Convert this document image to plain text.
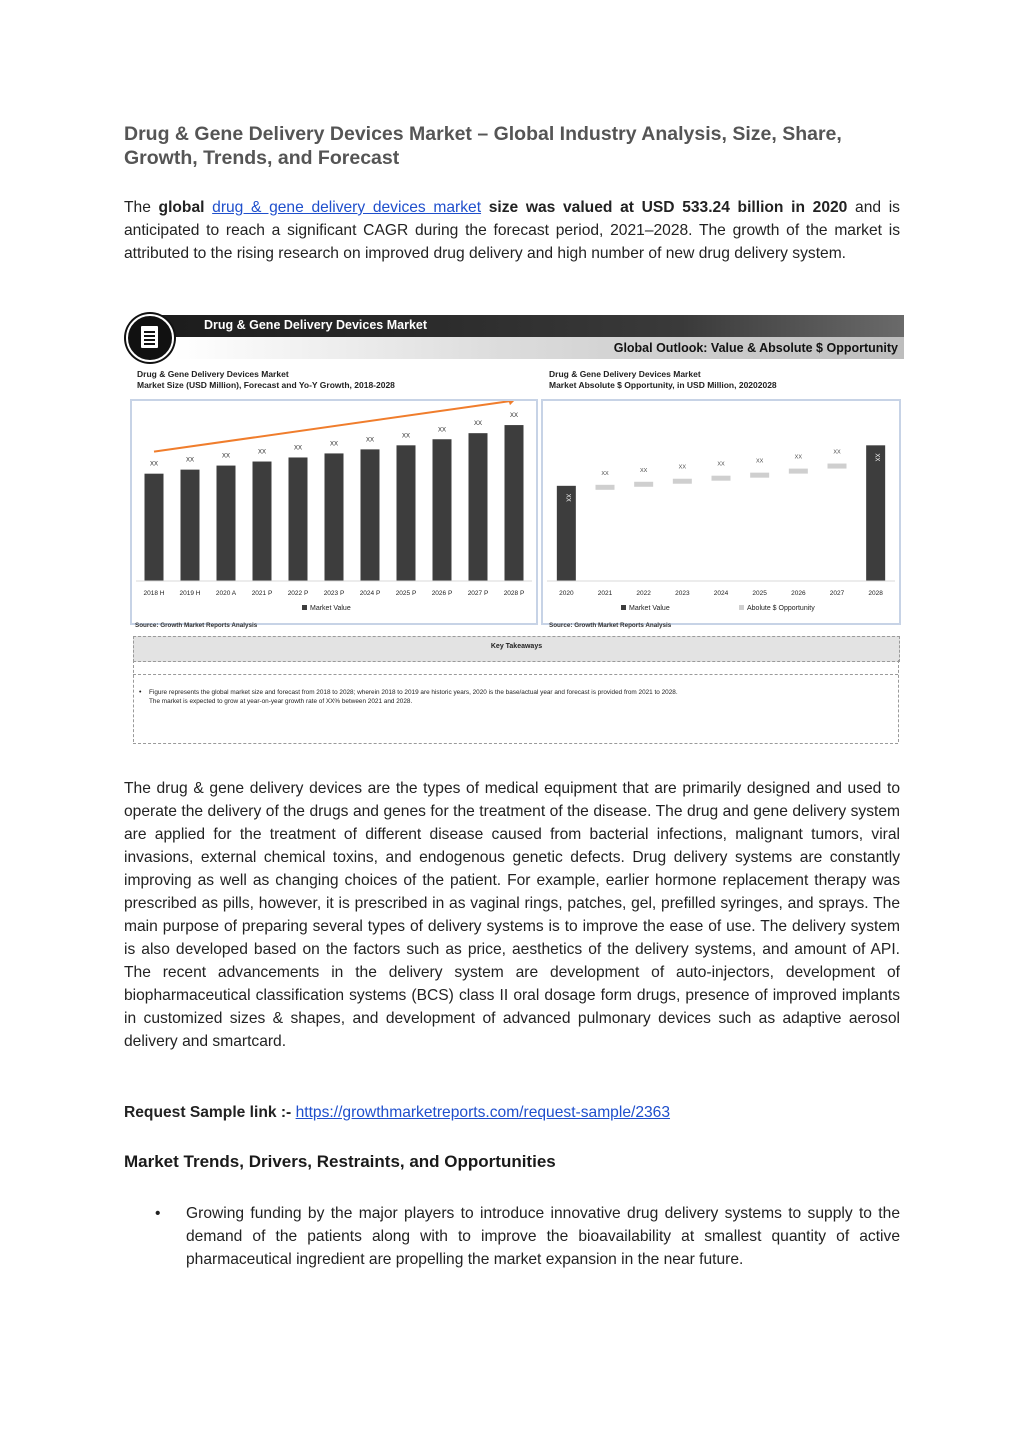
Drug & Gene Delivery Devices Market – Global Industry Analysis, Size, Share, Growth, Trends, and Forecast

The global drug & gene delivery devices market size was valued at USD 533.24 billion in 2020 and is anticipated to reach a significant CAGR during the forecast period, 2021–2028. The growth of the market is attributed to the rising research on improved drug delivery and high number of new drug delivery system.

The drug & gene delivery devices are the types of medical equipment that are primarily designed and used to operate the delivery of the drugs and genes for the treatment of the disease. The drug and gene delivery system are applied for the treatment of different disease caused from bacterial infections, malignant tumors, viral invasions, external chemical toxins, and endogenous genetic defects. Drug delivery systems are constantly improving as well as changing choices of the patient. For example, earlier hormone replacement therapy was prescribed as pills, however, it is prescribed in as vaginal rings, patches, gel, prefilled syringes, and sprays. The main purpose of preparing several types of delivery systems is to improve the ease of use. The delivery system is also developed based on the factors such as price, aesthetics of the delivery systems, and amount of API. The recent advancements in the delivery system are development of auto-injectors, development of biopharmaceutical classification systems (BCS) class II oral dosage form drugs, presence of improved implants in customized sizes & shapes, and development of advanced pulmonary devices such as adaptive aerosol delivery and smartcard.

Request Sample link :- https://growthmarketreports.com/request-sample/2363
Market Trends, Drivers, Restraints, and Opportunities
• Growing funding by the major players to introduce innovative drug delivery systems to supply to the demand of the patients along with to improve the bioavailability at smallest quantity of active pharmaceutical ingredient are propelling the market expansion in the near future.
Drug & Gene Delivery Devices Market
Global Outlook: Value & Absolute $ Opportunity
Drug & Gene Delivery Devices Market
Market Size (USD Million), Forecast and Yo-Y Growth, 2018-2028
Drug & Gene Delivery Devices Market
Market Absolute $ Opportunity, in USD Million, 20202028
XX
2018 H
XX
2019 H
XX
2020 A
XX
2021 P
XX
2022 P
XX
2023 P
XX
2024 P
XX
2025 P
XX
2026 P
XX
2027 P
XX
2028 P
Market Value
XX
2020
XX
2021
XX
2022
XX
2023
XX
2024
XX
2025
XX
2026
XX
2027
XX
2028
Market Value	Abolute $ Opportunity
Source: Growth Market Reports Analysis	Source: Growth Market Reports Analysis
Key Takeaways
• Figure represents the global market size and forecast from 2018 to 2028; wherein 2018 to 2019 are historic years, 2020 is the base/actual year and forecast is provided from 2021 to 2028.
The market is expected to grow at year-on-year growth rate of XX% between 2021 and 2028.
